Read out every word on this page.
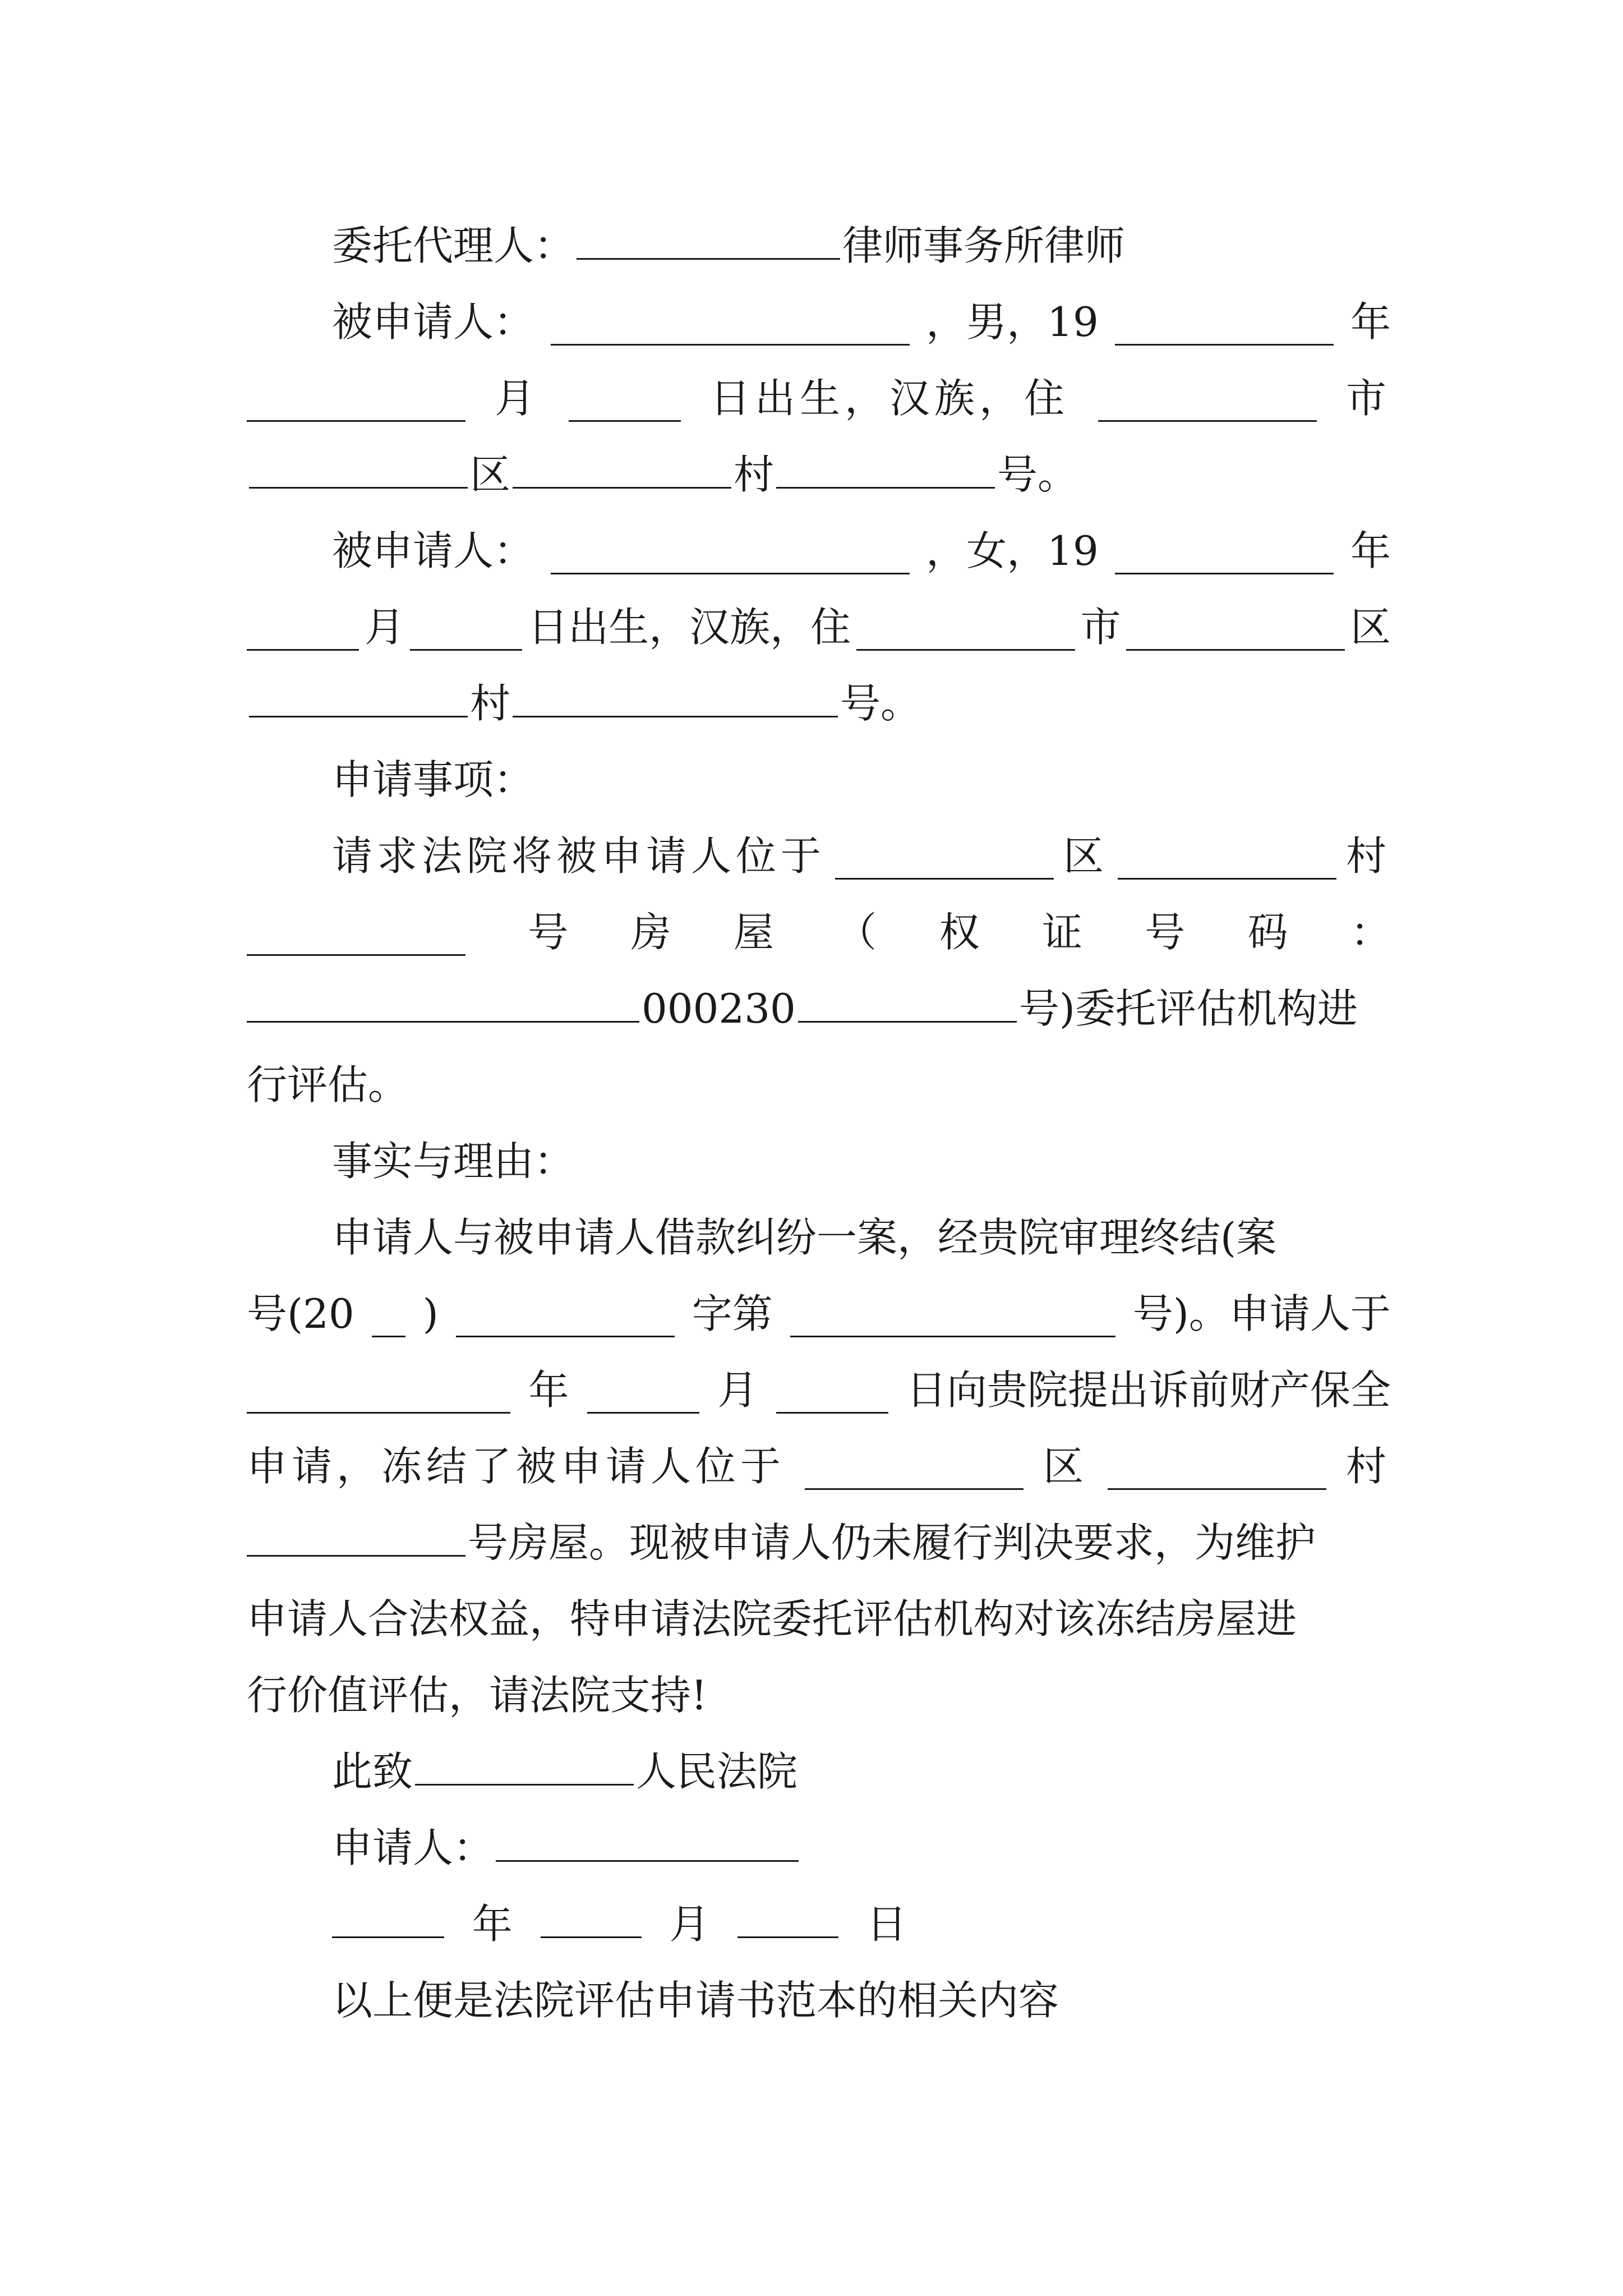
委托代理人：	律师事务所律师
被申请人：	，男，19	年
月	日出生，汉族，住	市
区	村	号。
被申请人：	，女，19	年
月	日出生，汉族，住	市	区
村	号。
申请事项：
请求法院将被申请人位于	区	村
号 房 屋 （ 权 证 号 码 ：
000230	号)委托评估机构进
行评估。
事实与理由：
申请人与被申请人借款纠纷一案，经贵院审理终结(案
号(20 )	字第	号)。申请人于
年	月	日向贵院提出诉前财产保全
申请，冻结了被申请人位于	区	村
号房屋。现被申请人仍未履行判决要求，为维护
申请人合法权益，特申请法院委托评估机构对该冻结房屋进
行价值评估，请法院支持!
此致	人民法院
申请人：
年	月	日
以上便是法院评估申请书范本的相关内容
